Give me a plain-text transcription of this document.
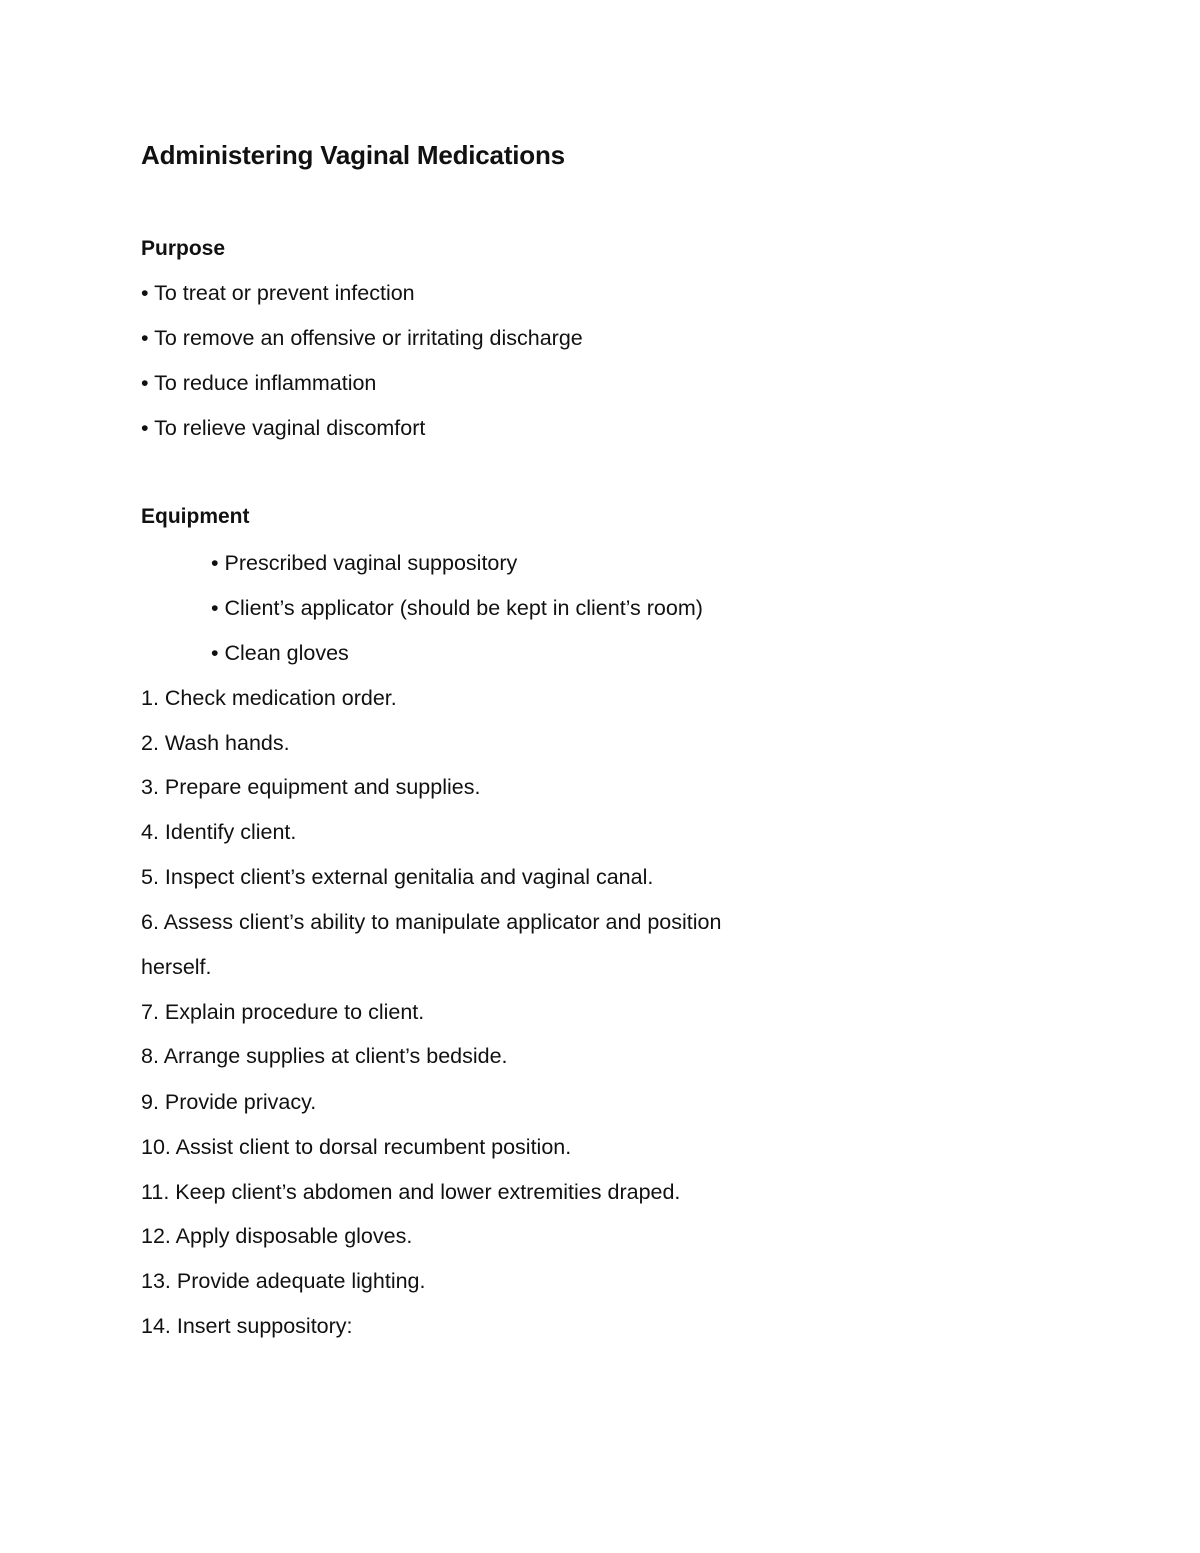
Administering Vaginal Medications
Purpose
• To treat or prevent infection
• To remove an offensive or irritating discharge
• To reduce inflammation
• To relieve vaginal discomfort
Equipment
• Prescribed vaginal suppository
• Client’s applicator (should be kept in client’s room)
• Clean gloves
1. Check medication order.
2. Wash hands.
3. Prepare equipment and supplies.
4. Identify client.
5. Inspect client’s external genitalia and vaginal canal.
6. Assess client’s ability to manipulate applicator and position
herself.
7. Explain procedure to client.
8. Arrange supplies at client’s bedside.
9. Provide privacy.
10. Assist client to dorsal recumbent position.
11. Keep client’s abdomen and lower extremities draped.
12. Apply disposable gloves.
13. Provide adequate lighting.
14. Insert suppository:
